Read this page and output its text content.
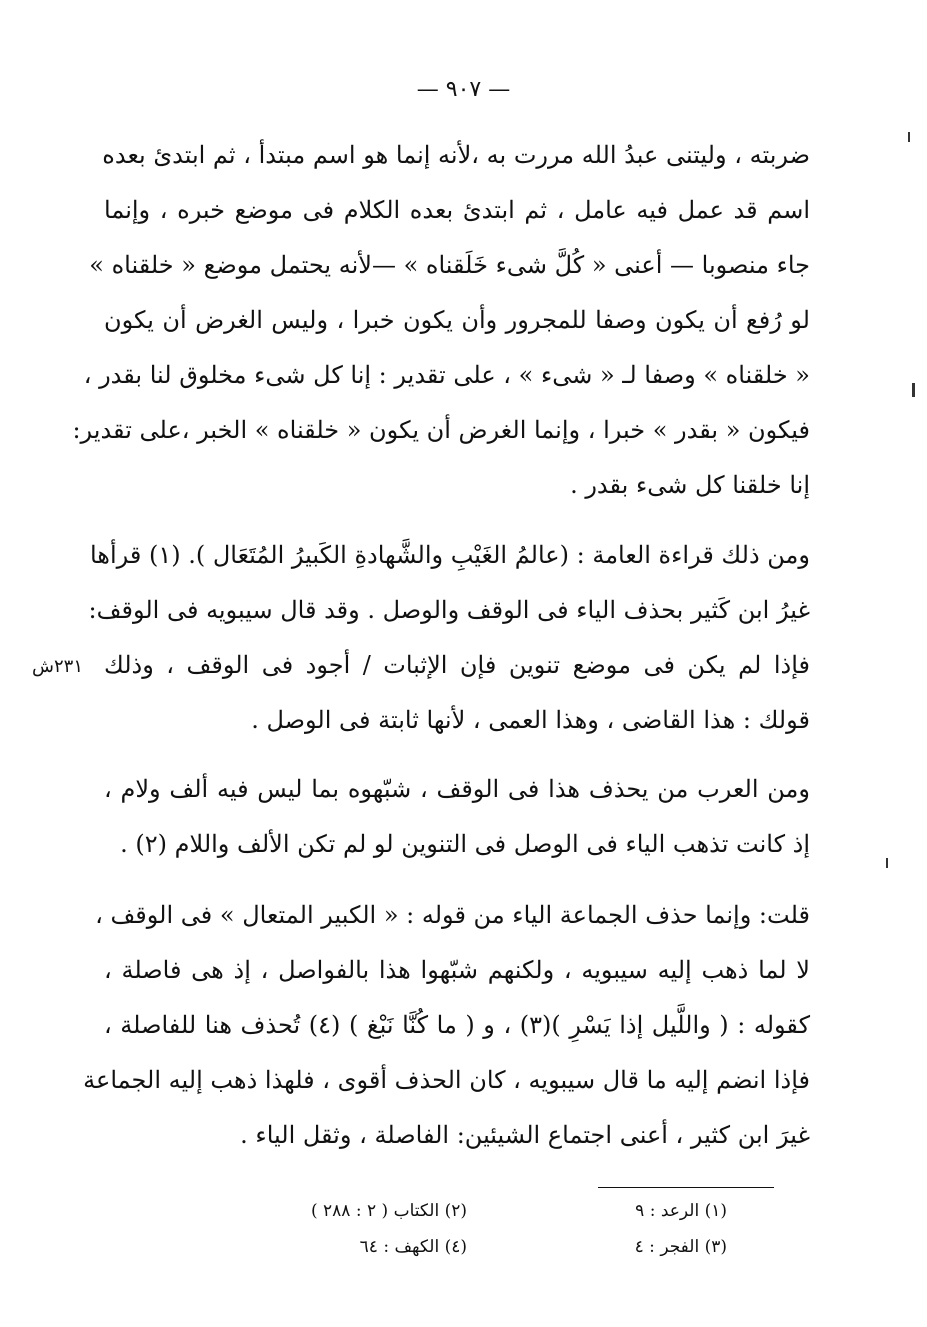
— ٩٠٧ —
ضربته ، وليتنى عبدُ الله مررت به ،لأنه إنما هو اسم مبتدأ ، ثم ابتدئ بعده
اسم قد عمل فيه عامل ، ثم ابتدئ بعده الكلام فى موضع خبره ، وإنما
جاء منصوبا — أعنى « كُلَّ شىء خَلَقناه » —لأنه يحتمل موضع « خلقناه »
لو رُفع أن يكون وصفا للمجرور وأن يكون خبرا ، وليس الغرض أن يكون
« خلقناه » وصفا لـ « شىء » ، على تقدير : إنا كل شىء مخلوق لنا بقدر ،
فيكون « بقدر » خبرا ، وإنما الغرض أن يكون « خلقناه » الخبر ،على تقدير:
إنا خلقنا كل شىء بقدر .
ومن ذلك قراءة العامة : (عالمُ الغَيْبِ والشَّهادةِ الكَبيرُ المُتَعَال ). (١) قرأها
غيرُ ابن كَثير بحذف الياء فى الوقف والوصل . وقد قال سيبويه فى الوقف:
فإذا لم يكن فى موضع تنوين فإن الإثبات / أجود فى الوقف ، وذلك
قولك : هذا القاضى ، وهذا العمى ، لأنها ثابتة فى الوصل .
٢٣١ش
ومن العرب من يحذف هذا فى الوقف ، شبّهوه بما ليس فيه ألف ولام ،
إذ كانت تذهب الياء فى الوصل فى التنوين لو لم تكن الألف واللام (٢) .
قلت: وإنما حذف الجماعة الياء من قوله : « الكبير المتعال » فى الوقف ،
لا لما ذهب إليه سيبويه ، ولكنهم شبّهوا هذا بالفواصل ، إذ هى فاصلة ،
كقوله : ( واللَّيل إذا يَسْرِ )(٣) ، و ( ما كُنَّا نَبْغ ) (٤) تُحذف هنا للفاصلة ،
فإذا انضم إليه ما قال سيبويه ، كان الحذف أقوى ، فلهذا ذهب إليه الجماعة
غيرَ ابن كثير ، أعنى اجتماع الشيئين: الفاصلة ، وثقل الياء .
(١) الرعد : ٩
(٢) الكتاب ( ٢ : ٢٨٨ )
(٣) الفجر : ٤
(٤) الكهف : ٦٤
